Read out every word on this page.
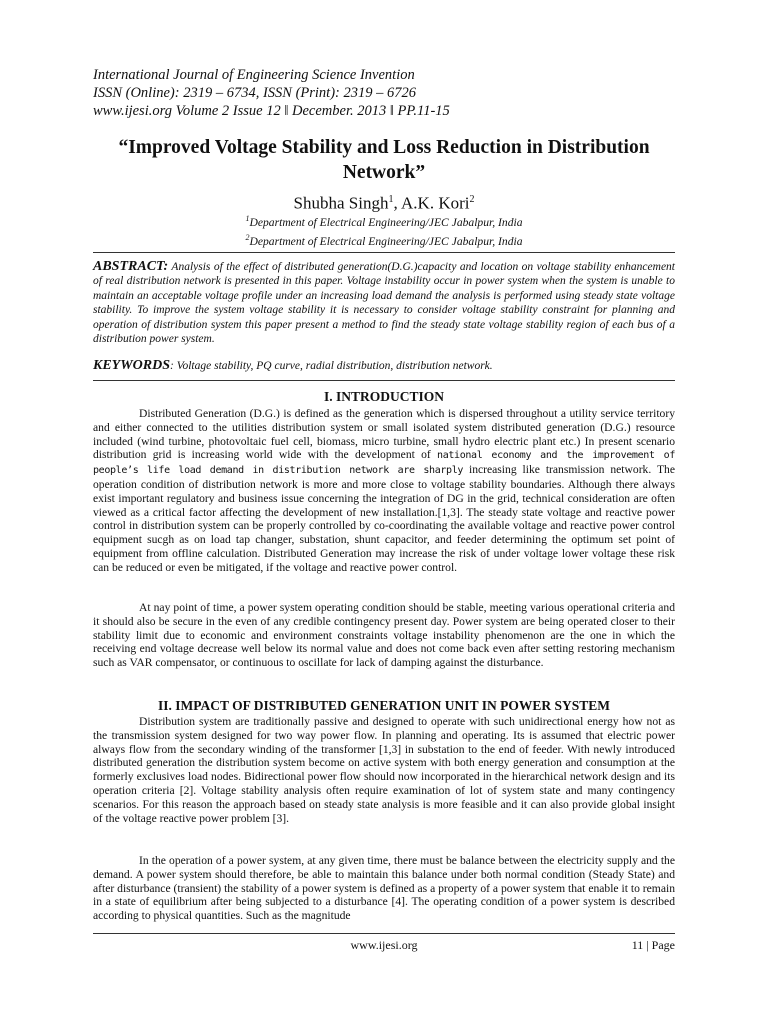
International Journal of Engineering Science Invention
ISSN (Online): 2319 – 6734, ISSN (Print): 2319 – 6726
www.ijesi.org Volume 2 Issue 12 ǁ December. 2013 ǁ PP.11-15
“Improved Voltage Stability and Loss Reduction in Distribution Network”
Shubha Singh$^1$, A.K. Kori$^2$
$^1$Department of Electrical Engineering/JEC Jabalpur, India
$^2$Department of Electrical Engineering/JEC Jabalpur, India
ABSTRACT: Analysis of the effect of distributed generation(D.G.)capacity and location on voltage stability enhancement of real distribution network is presented in this paper. Voltage instability occur in power system when the system is unable to maintain an acceptable voltage profile under an increasing load demand the analysis is performed using steady state voltage stability. To improve the system voltage stability it is necessary to consider voltage stability constraint for planning and operation of distribution system this paper present a method to find the steady state voltage stability region of each bus of a distribution power system.
KEYWORDS: Voltage stability, PQ curve, radial distribution, distribution network.
I. INTRODUCTION
Distributed Generation (D.G.) is defined as the generation which is dispersed throughout a utility service territory and either connected to the utilities distribution system or small isolated system distributed generation (D.G.) resource included (wind turbine, photovoltaic fuel cell, biomass, micro turbine, small hydro electric plant etc.) In present scenario distribution grid is increasing world wide with the development of national economy and the improvement of people’s life load demand in distribution network are sharply increasing like transmission network. The operation condition of distribution network is more and more close to voltage stability boundaries. Although there always exist important regulatory and business issue concerning the integration of DG in the grid, technical consideration are often viewed as a critical factor affecting the development of new installation.[1,3]. The steady state voltage and reactive power control in distribution system can be properly controlled by co-coordinating the available voltage and reactive power control equipment sucgh as on load tap changer, substation, shunt capacitor, and feeder determining the optimum set point of equipment from offline calculation. Distributed Generation may increase the risk of under voltage lower voltage these risk can be reduced or even be mitigated, if the voltage and reactive power control.
At nay point of time, a power system operating condition should be stable, meeting various operational criteria and it should also be secure in the even of any credible contingency present day. Power system are being operated closer to their stability limit due to economic and environment constraints voltage instability phenomenon are the one in which the receiving end voltage decrease well below its normal value and does not come back even after setting restoring mechanism such as VAR compensator, or continuous to oscillate for lack of damping against the disturbance.
II. IMPACT OF DISTRIBUTED GENERATION UNIT IN POWER SYSTEM
Distribution system are traditionally passive and designed to operate with such unidirectional energy how not as the transmission system designed for two way power flow. In planning and operating. Its is assumed that electric power always flow from the secondary winding of the transformer [1,3] in substation to the end of feeder. With newly introduced distributed generation the distribution system become on active system with both energy generation and consumption at the formerly exclusives load nodes. Bidirectional power flow should now incorporated in the hierarchical network design and its operation criteria [2]. Voltage stability analysis often require examination of lot of system state and many contingency scenarios. For this reason the approach based on steady state analysis is more feasible and it can also provide global insight of the voltage reactive power problem [3].
In the operation of a power system, at any given time, there must be balance between the electricity supply and the demand. A power system should therefore, be able to maintain this balance under both normal condition (Steady State) and after disturbance (transient) the stability of a power system is defined as a property of a power system that enable it to remain in a state of equilibrium after being subjected to a disturbance [4]. The operating condition of a power system is described according to physical quantities. Such as the magnitude
www.ijesi.org	11 | Page
